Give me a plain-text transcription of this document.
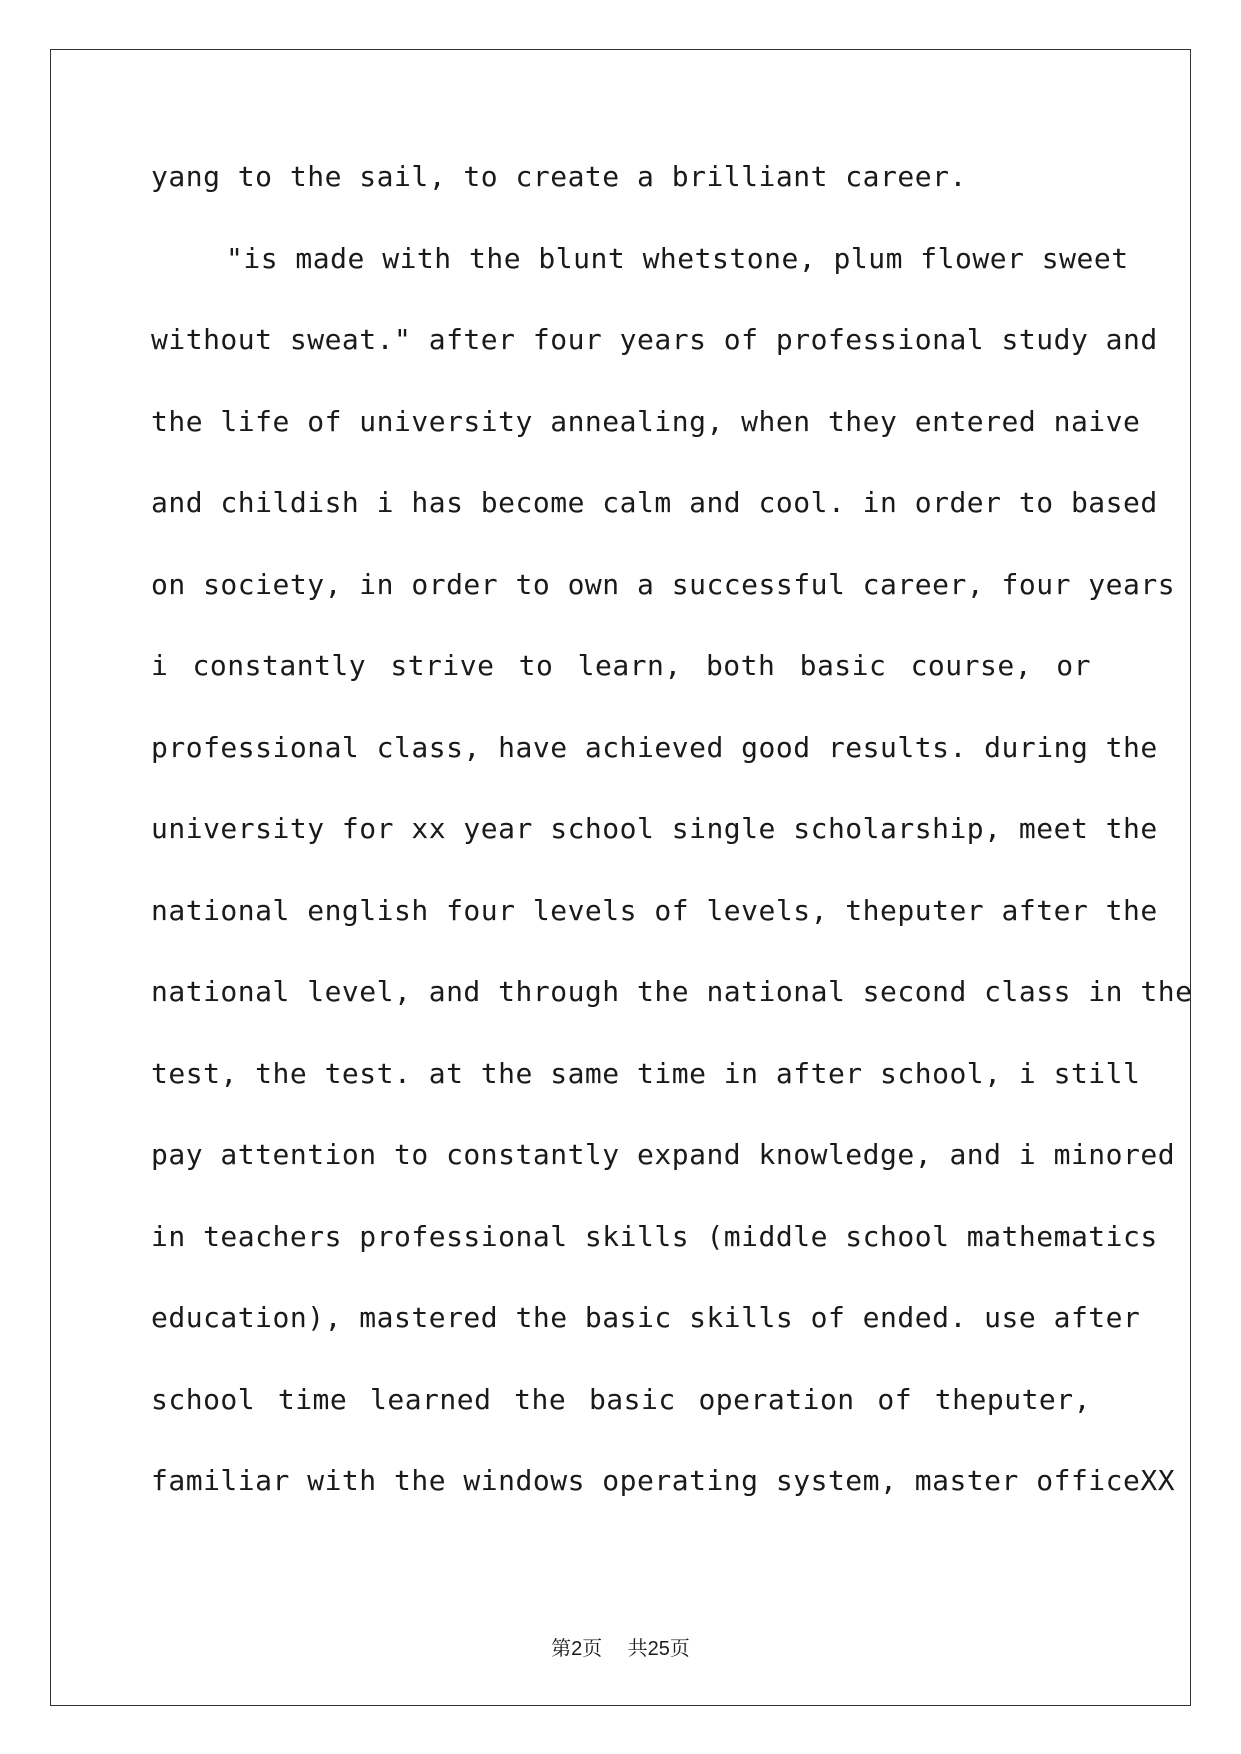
yang to the sail, to create a brilliant career.
"is made with the blunt whetstone, plum flower sweet
without sweat." after four years of professional study and
the life of university annealing, when they entered naive
and childish i has become calm and cool. in order to based
on society, in order to own a successful career, four years
i constantly strive to learn, both basic course, or
professional class, have achieved good results. during the
university for xx year school single scholarship, meet the
national english four levels of levels, theputer after the
national level, and through the national second class in the
test, the test. at the same time in after school, i still
pay attention to constantly expand knowledge, and i minored
in teachers professional skills (middle school mathematics
education), mastered the basic skills of ended. use after
school time learned the basic operation of theputer,
familiar with the windows operating system, master officeXX
第2页 共25页
